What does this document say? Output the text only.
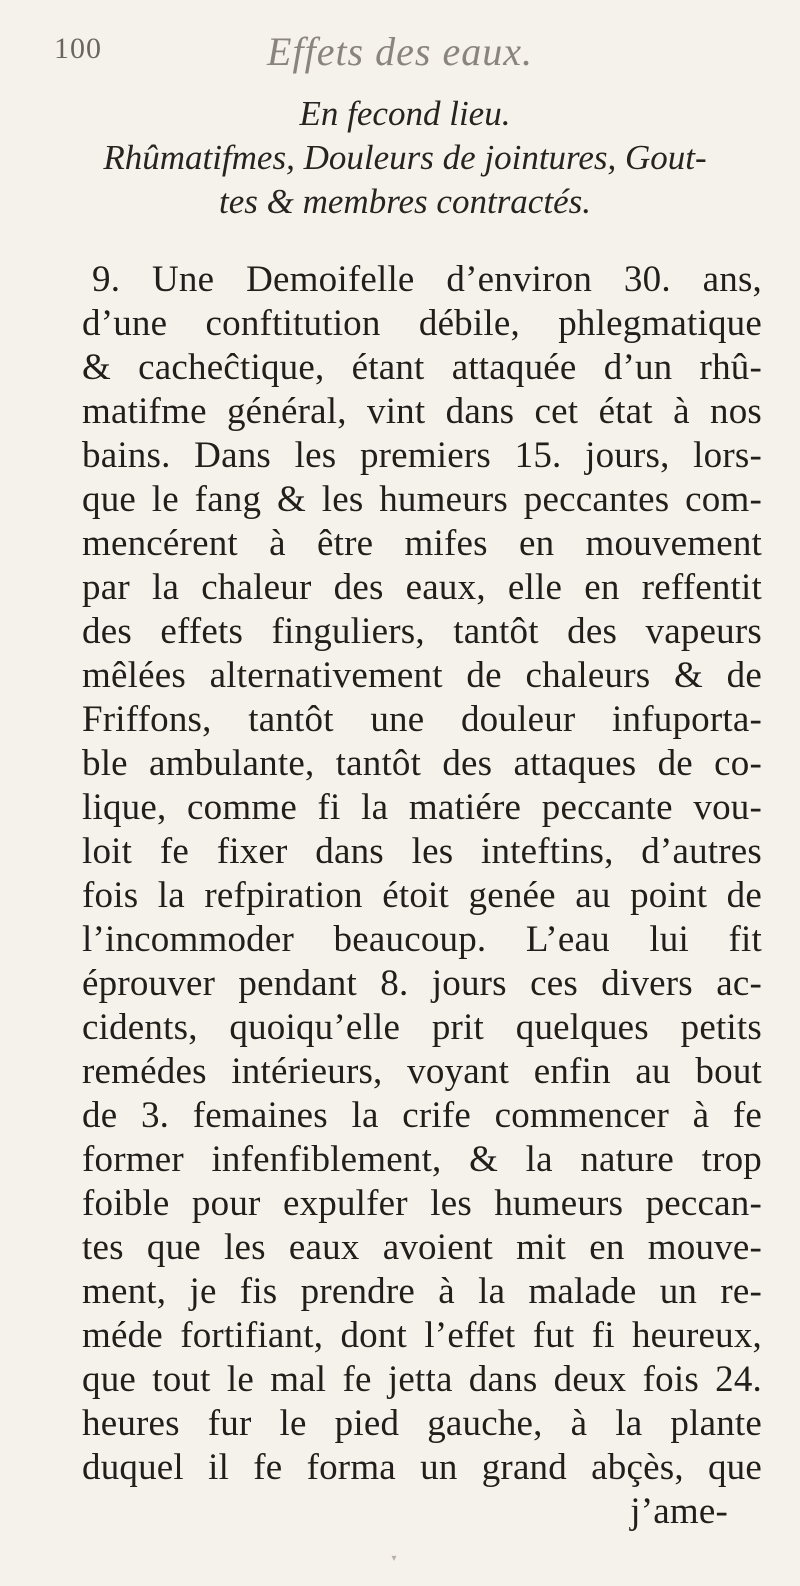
100	Effets des eaux.
En fecond lieu.
Rhûmatifmes, Douleurs de jointures, Gout-
tes & membres contractés.
9. Une Demoifelle d’environ 30. ans,
d’une conftitution débile, phlegmatique
& cacheĉtique, étant attaquée d’un rhû-
matifme général, vint dans cet état à nos
bains. Dans les premiers 15. jours, lors-
que le fang & les humeurs peccantes com-
mencérent à être mifes en mouvement
par la chaleur des eaux, elle en reffentit
des effets finguliers, tantôt des vapeurs
mêlées alternativement de chaleurs & de
Friffons, tantôt une douleur infuporta-
ble ambulante, tantôt des attaques de co-
lique, comme fi la matiére peccante vou-
loit fe fixer dans les inteftins, d’autres
fois la refpiration étoit genée au point de
l’incommoder beaucoup. L’eau lui fit
éprouver pendant 8. jours ces divers ac-
cidents, quoiqu’elle prit quelques petits
remédes intérieurs, voyant enfin au bout
de 3. femaines la crife commencer à fe
former infenfiblement, & la nature trop
foible pour expulfer les humeurs peccan-
tes que les eaux avoient mit en mouve-
ment, je fis prendre à la malade un re-
méde fortifiant, dont l’effet fut fi heureux,
que tout le mal fe jetta dans deux fois 24.
heures fur le pied gauche, à la plante
duquel il fe forma un grand abçès, que
j’ame-
▾
